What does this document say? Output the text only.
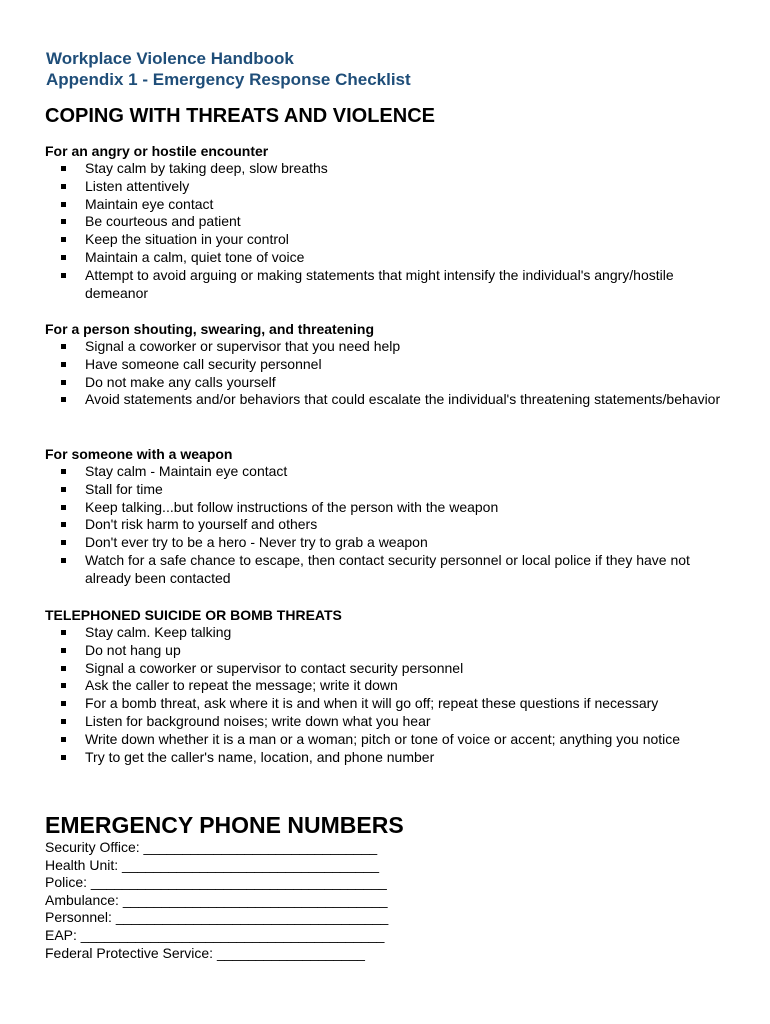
Workplace Violence Handbook
Appendix 1 - Emergency Response Checklist
COPING WITH THREATS AND VIOLENCE
For an angry or hostile encounter
Stay calm by taking deep, slow breaths
Listen attentively
Maintain eye contact
Be courteous and patient
Keep the situation in your control
Maintain a calm, quiet tone of voice
Attempt to avoid arguing or making statements that might intensify the individual's angry/hostile demeanor
For a person shouting, swearing, and threatening
Signal a coworker or supervisor that you need help
Have someone call security personnel
Do not make any calls yourself
Avoid statements and/or behaviors that could escalate the individual's threatening statements/behavior
For someone with a weapon
Stay calm - Maintain eye contact
Stall for time
Keep talking...but follow instructions of the person with the weapon
Don't risk harm to yourself and others
Don't ever try to be a hero - Never try to grab a weapon
Watch for a safe chance to escape, then contact security personnel or local police if they have not already been contacted
TELEPHONED SUICIDE OR BOMB THREATS
Stay calm. Keep talking
Do not hang up
Signal a coworker or supervisor to contact security personnel
Ask the caller to repeat the message; write it down
For a bomb threat, ask where it is and when it will go off; repeat these questions if necessary
Listen for background noises; write down what you hear
Write down whether it is a man or a woman; pitch or tone of voice or accent; anything you notice
Try to get the caller's name, location, and phone number
EMERGENCY PHONE NUMBERS
Security Office: ______________________________
Health Unit: _________________________________
Police: ______________________________________
Ambulance: __________________________________
Personnel: ___________________________________
EAP: _______________________________________
Federal Protective Service: ___________________
